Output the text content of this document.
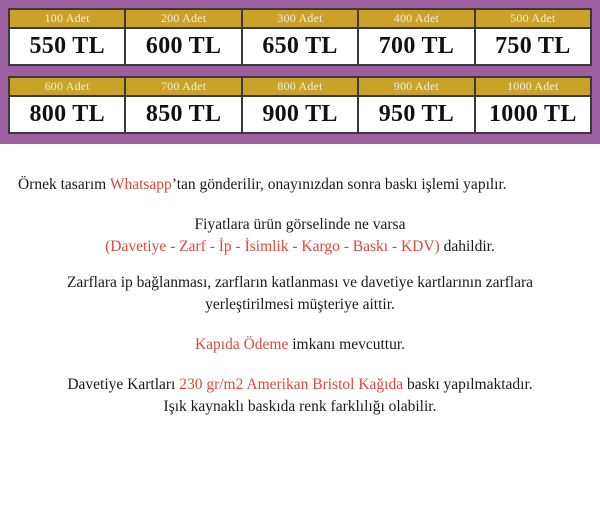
100 Adet
550 TL
200 Adet
600 TL
300 Adet
650 TL
400 Adet
700 TL
500 Adet
750 TL
600 Adet
800 TL
700 Adet
850 TL
800 Adet
900 TL
900 Adet
950 TL
1000 Adet
1000 TL

Örnek tasarım Whatsapp’tan gönderilir, onayınızdan sonra baskı işlemi yapılır.

Fiyatlara ürün görselinde ne varsa
(Davetiye - Zarf - İp - İsimlik - Kargo - Baskı - KDV) dahildir.

Zarflara ip bağlanması, zarfların katlanması ve davetiye kartlarının zarflara
yerleştirilmesi müşteriye aittir.

Kapıda Ödeme imkanı mevcuttur.

Davetiye Kartları 230 gr/m2 Amerikan Bristol Kağıda baskı yapılmaktadır.
Işık kaynaklı baskıda renk farklılığı olabilir.
